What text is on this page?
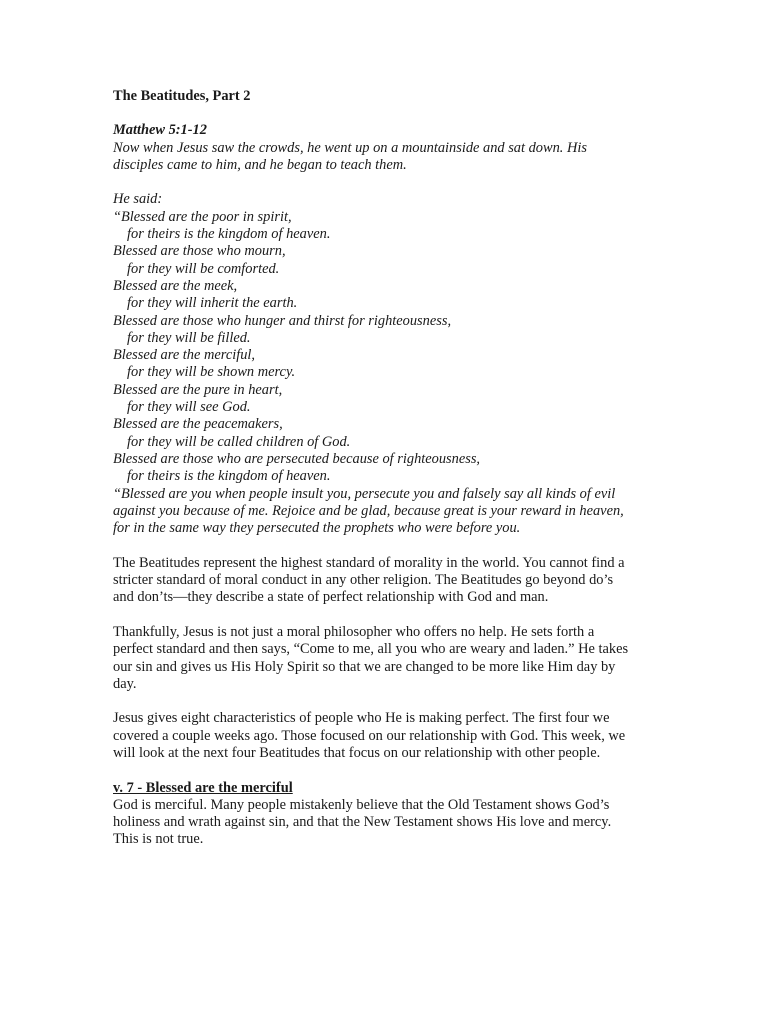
The Beatitudes, Part 2
Matthew 5:1-12
Now when Jesus saw the crowds, he went up on a mountainside and sat down. His
disciples came to him, and he began to teach them.
He said:
“Blessed are the poor in spirit,
for theirs is the kingdom of heaven.
Blessed are those who mourn,
for they will be comforted.
Blessed are the meek,
for they will inherit the earth.
Blessed are those who hunger and thirst for righteousness,
for they will be filled.
Blessed are the merciful,
for they will be shown mercy.
Blessed are the pure in heart,
for they will see God.
Blessed are the peacemakers,
for they will be called children of God.
Blessed are those who are persecuted because of righteousness,
for theirs is the kingdom of heaven.
“Blessed are you when people insult you, persecute you and falsely say all kinds of evil
against you because of me. Rejoice and be glad, because great is your reward in heaven,
for in the same way they persecuted the prophets who were before you.
The Beatitudes represent the highest standard of morality in the world. You cannot find a
stricter standard of moral conduct in any other religion. The Beatitudes go beyond do’s
and don’ts—they describe a state of perfect relationship with God and man.
Thankfully, Jesus is not just a moral philosopher who offers no help. He sets forth a
perfect standard and then says, “Come to me, all you who are weary and laden.” He takes
our sin and gives us His Holy Spirit so that we are changed to be more like Him day by
day.
Jesus gives eight characteristics of people who He is making perfect. The first four we
covered a couple weeks ago. Those focused on our relationship with God. This week, we
will look at the next four Beatitudes that focus on our relationship with other people.
v. 7 - Blessed are the merciful
God is merciful. Many people mistakenly believe that the Old Testament shows God’s
holiness and wrath against sin, and that the New Testament shows His love and mercy.
This is not true.
